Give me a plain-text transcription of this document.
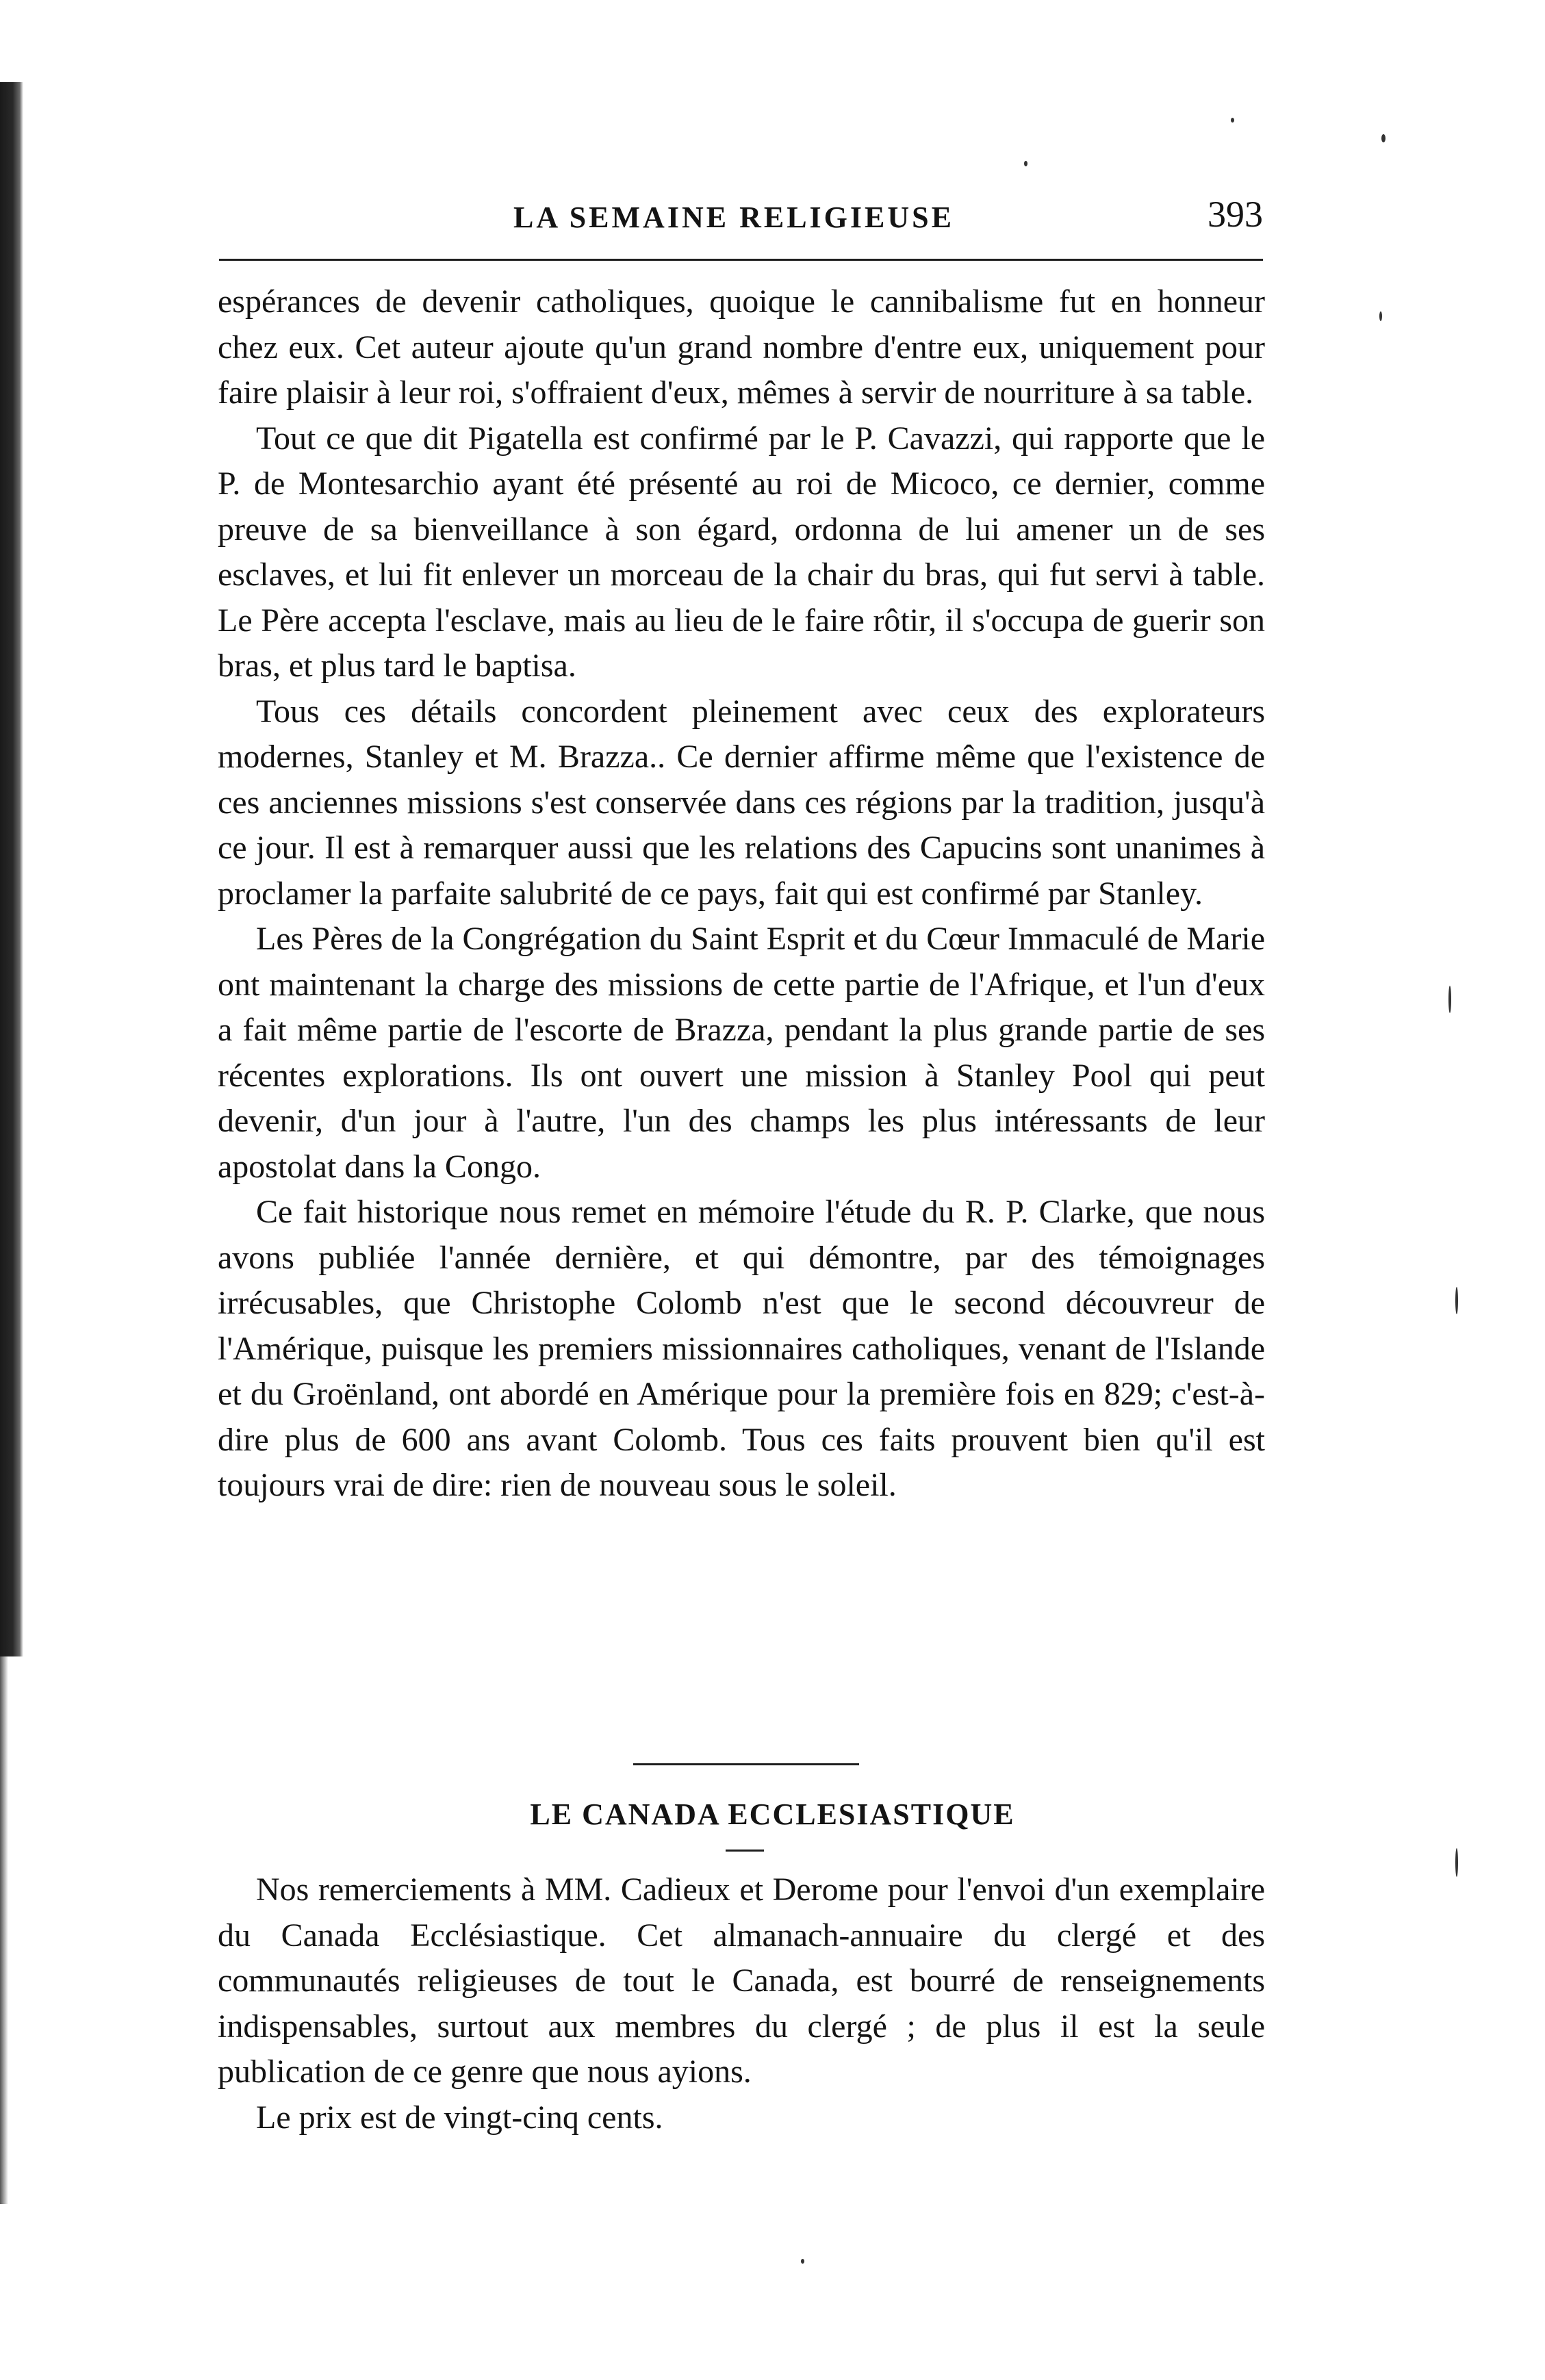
LA SEMAINE RELIGIEUSE	393

espérances de devenir catholiques, quoique le cannibalisme fut en honneur chez eux. Cet auteur ajoute qu'un grand nombre d'entre eux, uniquement pour faire plaisir à leur roi, s'offraient d'eux, mêmes à servir de nourriture à sa table.

Tout ce que dit Pigatella est confirmé par le P. Cavazzi, qui rapporte que le P. de Montesarchio ayant été présenté au roi de Micoco, ce dernier, comme preuve de sa bienveillance à son égard, ordonna de lui amener un de ses esclaves, et lui fit enlever un morceau de la chair du bras, qui fut servi à table. Le Père accepta l'esclave, mais au lieu de le faire rôtir, il s'occupa de guerir son bras, et plus tard le baptisa.

Tous ces détails concordent pleinement avec ceux des explorateurs modernes, Stanley et M. Brazza.. Ce dernier affirme même que l'existence de ces anciennes missions s'est conservée dans ces régions par la tradition, jusqu'à ce jour. Il est à remarquer aussi que les relations des Capucins sont unanimes à proclamer la parfaite salubrité de ce pays, fait qui est confirmé par Stanley.

Les Pères de la Congrégation du Saint Esprit et du Cœur Immaculé de Marie ont maintenant la charge des missions de cette partie de l'Afrique, et l'un d'eux a fait même partie de l'escorte de Brazza, pendant la plus grande partie de ses récentes explorations. Ils ont ouvert une mission à Stanley Pool qui peut devenir, d'un jour à l'autre, l'un des champs les plus intéressants de leur apostolat dans la Congo.

Ce fait historique nous remet en mémoire l'étude du R. P. Clarke, que nous avons publiée l'année dernière, et qui démontre, par des témoignages irrécusables, que Christophe Colomb n'est que le second découvreur de l'Amérique, puisque les premiers missionnaires catholiques, venant de l'Islande et du Groënland, ont abordé en Amérique pour la première fois en 829; c'est-à-dire plus de 600 ans avant Colomb. Tous ces faits prouvent bien qu'il est toujours vrai de dire: rien de nouveau sous le soleil.

LE CANADA ECCLESIASTIQUE

Nos remerciements à MM. Cadieux et Derome pour l'envoi d'un exemplaire du Canada Ecclésiastique. Cet almanach-annuaire du clergé et des communautés religieuses de tout le Canada, est bourré de renseignements indispensables, surtout aux membres du clergé ; de plus il est la seule publication de ce genre que nous ayions.

Le prix est de vingt-cinq cents.
